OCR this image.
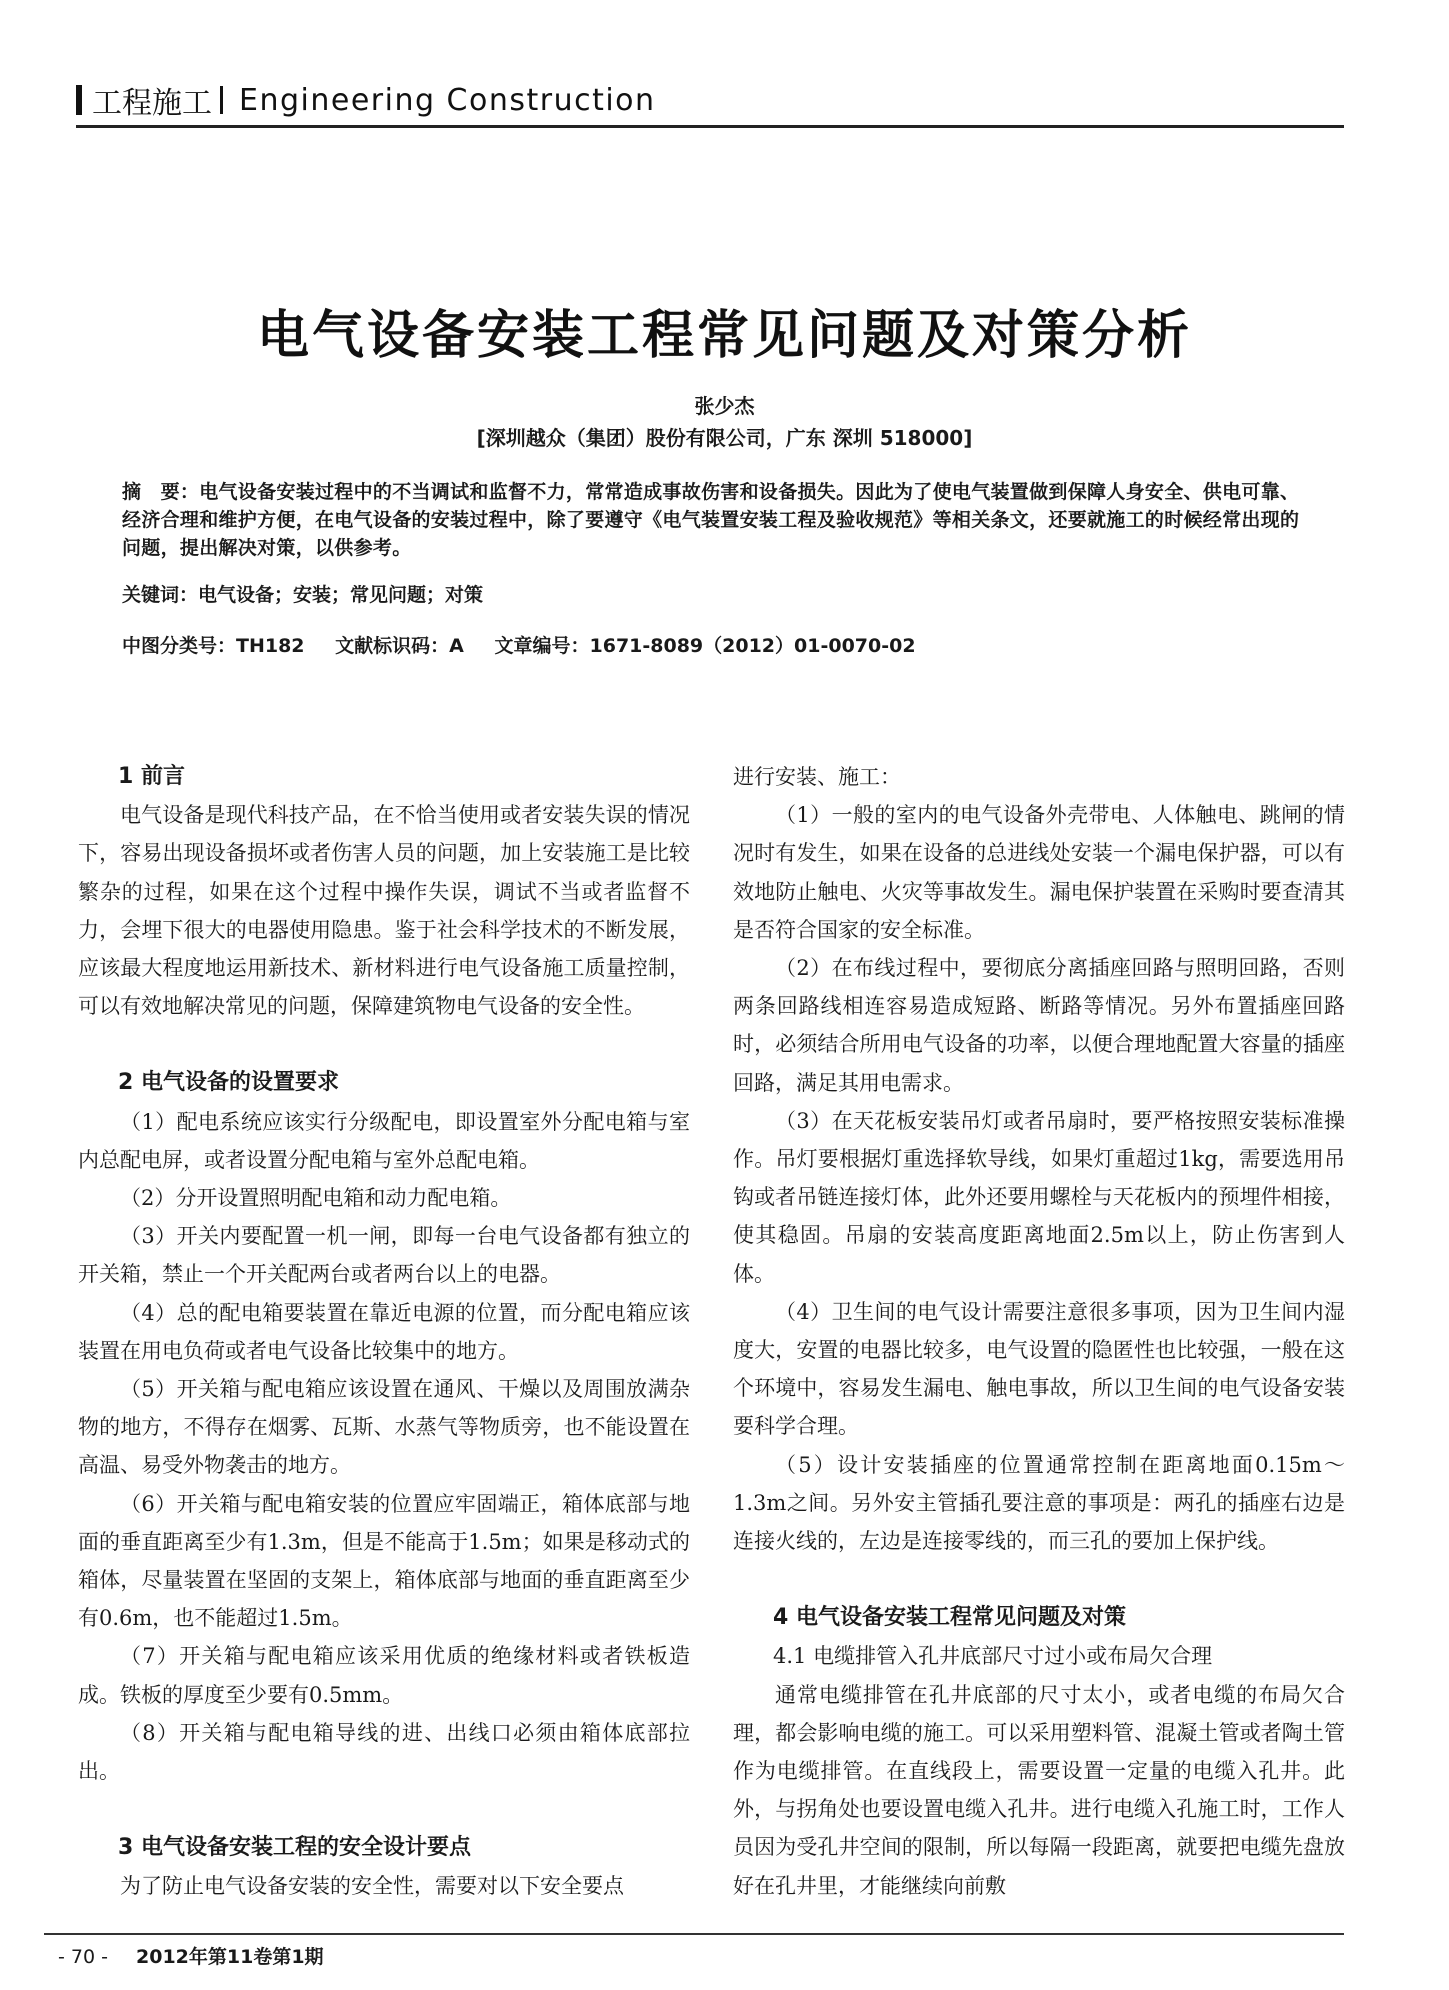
工程施工 Engineering Construction
电气设备安装工程常见问题及对策分析
张少杰
[深圳越众（集团）股份有限公司，广东 深圳 518000]
摘　要：电气设备安装过程中的不当调试和监督不力，常常造成事故伤害和设备损失。因此为了使电气装置做到保障人身安全、供电可靠、经济合理和维护方便，在电气设备的安装过程中，除了要遵守《电气装置安装工程及验收规范》等相关条文，还要就施工的时候经常出现的问题，提出解决对策，以供参考。
关键词：电气设备；安装；常见问题；对策
中图分类号：TH182 文献标识码：A 文章编号：1671-8089（2012）01-0070-02
1 前言

电气设备是现代科技产品，在不恰当使用或者安装失误的情况下，容易出现设备损坏或者伤害人员的问题，加上安装施工是比较繁杂的过程，如果在这个过程中操作失误，调试不当或者监督不力，会埋下很大的电器使用隐患。鉴于社会科学技术的不断发展，应该最大程度地运用新技术、新材料进行电气设备施工质量控制，可以有效地解决常见的问题，保障建筑物电气设备的安全性。

2 电气设备的设置要求

（1）配电系统应该实行分级配电，即设置室外分配电箱与室内总配电屏，或者设置分配电箱与室外总配电箱。

（2）分开设置照明配电箱和动力配电箱。

（3）开关内要配置一机一闸，即每一台电气设备都有独立的开关箱，禁止一个开关配两台或者两台以上的电器。

（4）总的配电箱要装置在靠近电源的位置，而分配电箱应该装置在用电负荷或者电气设备比较集中的地方。

（5）开关箱与配电箱应该设置在通风、干燥以及周围放满杂物的地方，不得存在烟雾、瓦斯、水蒸气等物质旁，也不能设置在高温、易受外物袭击的地方。

（6）开关箱与配电箱安装的位置应牢固端正，箱体底部与地面的垂直距离至少有1.3m，但是不能高于1.5m；如果是移动式的箱体，尽量装置在坚固的支架上，箱体底部与地面的垂直距离至少有0.6m，也不能超过1.5m。

（7）开关箱与配电箱应该采用优质的绝缘材料或者铁板造成。铁板的厚度至少要有0.5mm。

（8）开关箱与配电箱导线的进、出线口必须由箱体底部拉出。

3 电气设备安装工程的安全设计要点

为了防止电气设备安装的安全性，需要对以下安全要点

进行安装、施工：

（1）一般的室内的电气设备外壳带电、人体触电、跳闸的情况时有发生，如果在设备的总进线处安装一个漏电保护器，可以有效地防止触电、火灾等事故发生。漏电保护装置在采购时要查清其是否符合国家的安全标准。

（2）在布线过程中，要彻底分离插座回路与照明回路，否则两条回路线相连容易造成短路、断路等情况。另外布置插座回路时，必须结合所用电气设备的功率，以便合理地配置大容量的插座回路，满足其用电需求。

（3）在天花板安装吊灯或者吊扇时，要严格按照安装标准操作。吊灯要根据灯重选择软导线，如果灯重超过1kg，需要选用吊钩或者吊链连接灯体，此外还要用螺栓与天花板内的预埋件相接，使其稳固。吊扇的安装高度距离地面2.5m以上，防止伤害到人体。

（4）卫生间的电气设计需要注意很多事项，因为卫生间内湿度大，安置的电器比较多，电气设置的隐匿性也比较强，一般在这个环境中，容易发生漏电、触电事故，所以卫生间的电气设备安装要科学合理。

（5）设计安装插座的位置通常控制在距离地面0.15m～1.3m之间。另外安主管插孔要注意的事项是：两孔的插座右边是连接火线的，左边是连接零线的，而三孔的要加上保护线。

4 电气设备安装工程常见问题及对策
4.1 电缆排管入孔井底部尺寸过小或布局欠合理

通常电缆排管在孔井底部的尺寸太小，或者电缆的布局欠合理，都会影响电缆的施工。可以采用塑料管、混凝土管或者陶土管作为电缆排管。在直线段上，需要设置一定量的电缆入孔井。此外，与拐角处也要设置电缆入孔井。进行电缆入孔施工时，工作人员因为受孔井空间的限制，所以每隔一段距离，就要把电缆先盘放好在孔井里，才能继续向前敷

- 70 - 2012年第11卷第1期
